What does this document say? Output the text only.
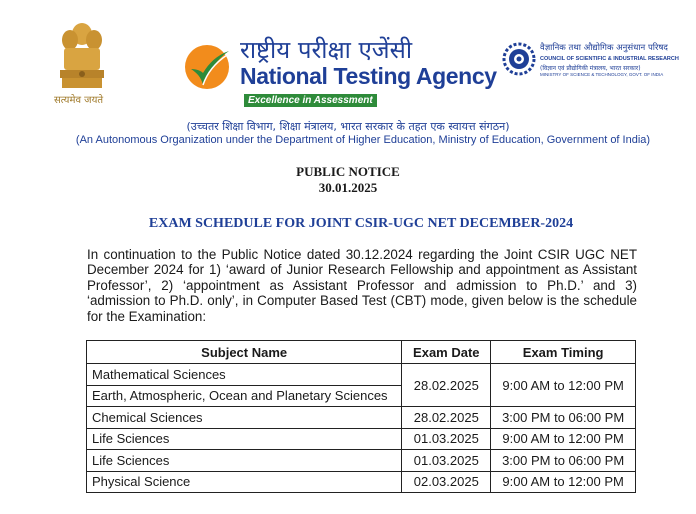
सत्यमेव जयते
राष्ट्रीय परीक्षा एजेंसी
National Testing Agency
Excellence in Assessment
वैज्ञानिक तथा औद्योगिक अनुसंधान परिषद
COUNCIL OF SCIENTIFIC & INDUSTRIAL RESEARCH
(विज्ञान एवं प्रौद्योगिकी मंत्रालय, भारत सरकार)
MINISTRY OF SCIENCE & TECHNOLOGY, GOVT. OF INDIA
(उच्चतर शिक्षा विभाग, शिक्षा मंत्रालय, भारत सरकार के तहत एक स्वायत्त संगठन)
(An Autonomous Organization under the Department of Higher Education, Ministry of Education, Government of India)
PUBLIC NOTICE
30.01.2025
EXAM SCHEDULE FOR JOINT CSIR-UGC NET DECEMBER-2024
In continuation to the Public Notice dated 30.12.2024 regarding the Joint CSIR UGC NET December 2024 for 1) ‘award of Junior Research Fellowship and appointment as Assistant Professor’, 2) ‘appointment as Assistant Professor and admission to Ph.D.’ and 3) ‘admission to Ph.D. only’, in Computer Based Test (CBT) mode, given below is the schedule for the Examination:
Subject Name	Exam Date	Exam Timing
Mathematical Sciences	28.02.2025	9:00 AM to 12:00 PM
Earth, Atmospheric, Ocean and Planetary Sciences		
Chemical Sciences	28.02.2025	3:00 PM to 06:00 PM
Life Sciences	01.03.2025	9:00 AM to 12:00 PM
Life Sciences	01.03.2025	3:00 PM to 06:00 PM
Physical Science	02.03.2025	9:00 AM to 12:00 PM
